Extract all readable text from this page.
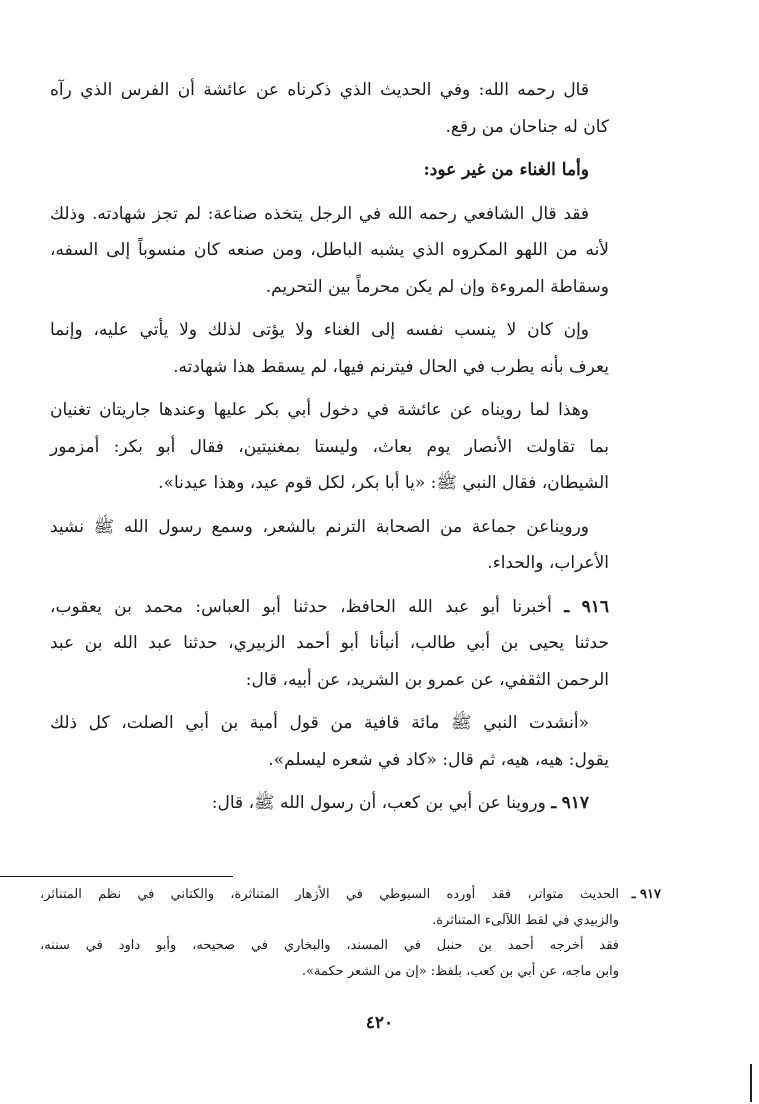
قال رحمه الله: وفي الحديث الذي ذكرناه عن عائشة أن الفرس الذي رآه
كان له جناحان من رقع.
وأما الغناء من غير عود:
فقد قال الشافعي رحمه الله في الرجل يتخذه صناعة: لم تجز شهادته. وذلك
لأنه من اللهو المكروه الذي يشبه الباطل، ومن صنعه كان منسوباً إلى السفه،
وسقاطة المروءة وإن لم يكن محرماً بين التحريم.
وإن كان لا ينسب نفسه إلى الغناء ولا يؤتى لذلك ولا يأتي عليه، وإنما
يعرف بأنه يطرب في الحال فيترنم فيها، لم يسقط هذا شهادته.
وهذا لما رويناه عن عائشة في دخول أبي بكر عليها وعندها جاريتان تغنيان
بما تقاولت الأنصار يوم بعاث، وليستا بمغنيتين، فقال أبو بكر: أمزمور
الشيطان، فقال النبي ﷺ: «يا أبا بكر، لكل قوم عيد، وهذا عيدنا».
ورويناعن جماعة من الصحابة الترنم بالشعر، وسمع رسول الله ﷺ نشيد
الأعراب، والحداء.
٩١٦ ـ أخبرنا أبو عبد الله الحافظ، حدثنا أبو العباس: محمد بن يعقوب،
حدثنا يحيى بن أبي طالب، أنبأنا أبو أحمد الزبيري، حدثنا عبد الله بن عبد
الرحمن الثقفي، عن عمرو بن الشريد، عن أبيه، قال:
«أنشدت النبي ﷺ مائة قافية من قول أمية بن أبي الصلت، كل ذلك
يقول: هيه، هيه، ثم قال: «كاد في شعره ليسلم».
٩١٧ ـ وروينا عن أبي بن كعب، أن رسول الله ﷺ، قال:
٩١٧ ـ
الحديث متواتر، فقد أورده السيوطي في الأزهار المتناثرة، والكتاني في نظم المتناثر،
والزبيدي في لقط اللآلىء المتناثرة.
فقد أخرجه أحمد بن حنبل في المسند، والبخاري في صحيحه، وأبو داود في سننه،
وابن ماجه، عن أبي بن كعب، بلفظ: «إن من الشعر حكمة».
٤٢٠
